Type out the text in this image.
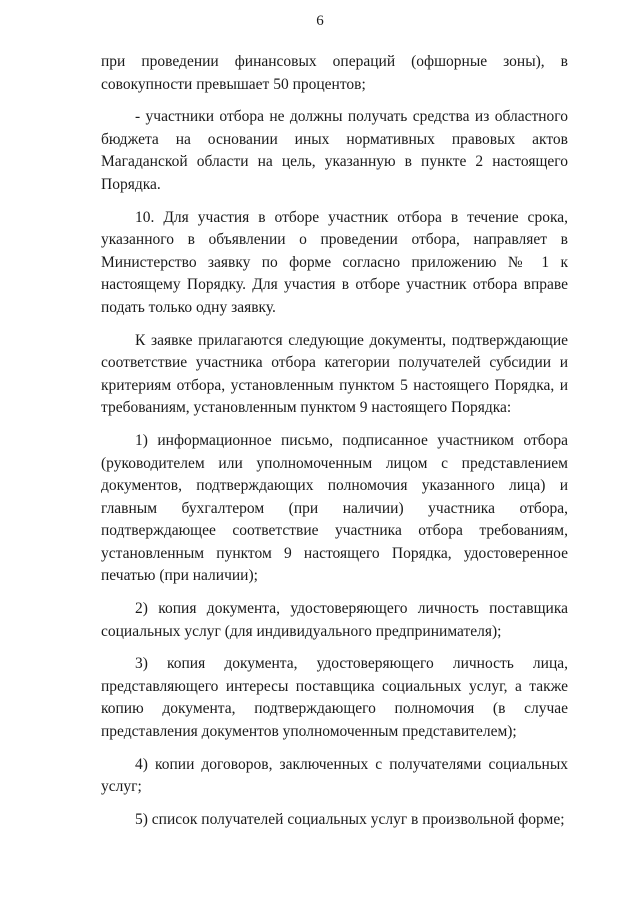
6

при проведении финансовых операций (офшорные зоны), в совокупности превышает 50 процентов;

- участники отбора не должны получать средства из областного бюджета на основании иных нормативных правовых актов Магаданской области на цель, указанную в пункте 2 настоящего Порядка.

10. Для участия в отборе участник отбора в течение срока, указанного в объявлении о проведении отбора, направляет в Министерство заявку по форме согласно приложению № 1 к настоящему Порядку. Для участия в отборе участник отбора вправе подать только одну заявку.

К заявке прилагаются следующие документы, подтверждающие соответствие участника отбора категории получателей субсидии и критериям отбора, установленным пунктом 5 настоящего Порядка, и требованиям, установленным пунктом 9 настоящего Порядка:

1) информационное письмо, подписанное участником отбора (руководителем или уполномоченным лицом с представлением документов, подтверждающих полномочия указанного лица) и главным бухгалтером (при наличии) участника отбора, подтверждающее соответствие участника отбора требованиям, установленным пунктом 9 настоящего Порядка, удостоверенное печатью (при наличии);

2) копия документа, удостоверяющего личность поставщика социальных услуг (для индивидуального предпринимателя);

3) копия документа, удостоверяющего личность лица, представляющего интересы поставщика социальных услуг, а также копию документа, подтверждающего полномочия (в случае представления документов уполномоченным представителем);

4) копии договоров, заключенных с получателями социальных услуг;

5) список получателей социальных услуг в произвольной форме;
